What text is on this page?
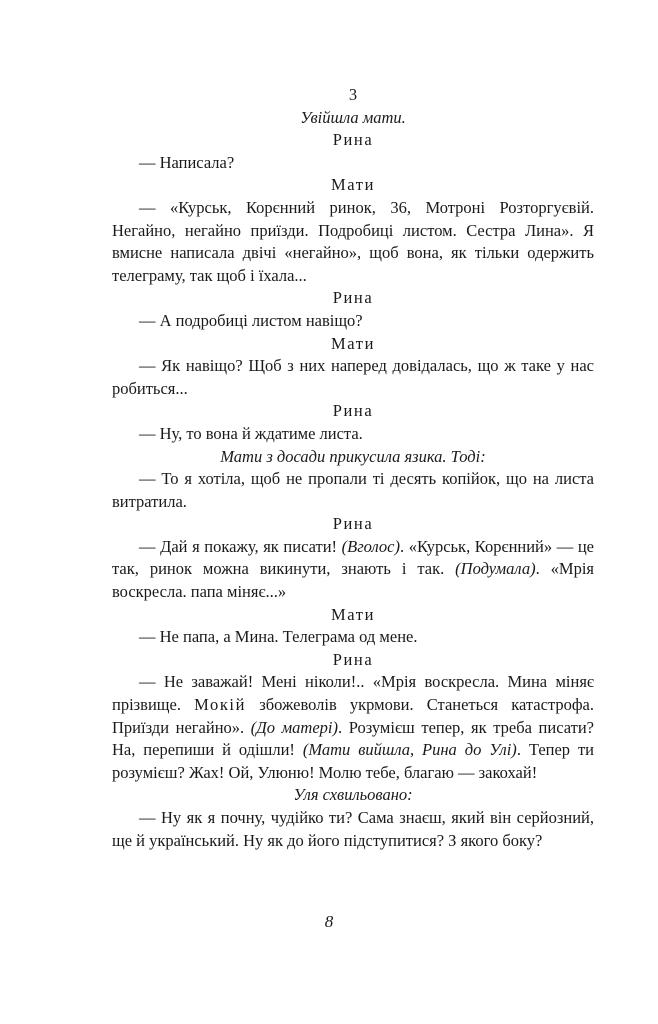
3

Увійшла мати.

Рина

— Написала?

Мати

— «Курськ, Корєнний ринок, 36, Мотроні Розторгуєвій. Негайно, негайно приїзди. Подробиці листом. Сестра Лина». Я вмисне написала двічі «негайно», щоб вона, як тільки одержить телеграму, так щоб і їхала...

Рина

— А подробиці листом навіщо?

Мати

— Як навіщо? Щоб з них наперед довідалась, що ж таке у нас робиться...

Рина

— Ну, то вона й ждатиме листа.

Мати з досади прикусила язика. Тоді:

— То я хотіла, щоб не пропали ті десять копійок, що на листа витратила.

Рина

— Дай я покажу, як писати! (Вголос). «Курськ, Корєнний» — це так, ринок можна викинути, знають і так. (Подумала). «Мрія воскресла. папа міняє...»

Мати

— Не папа, а Мина. Телеграма од мене.

Рина

— Не заважай! Мені ніколи!.. «Мрія воскресла. Мина міняє прізвище. Мокій збожеволів укрмови. Станеться катастрофа. Приїзди негайно». (До матері). Розумієш тепер, як треба писати? На, перепиши й одішли! (Мати вийшла, Рина до Улі). Тепер ти розумієш? Жах! Ой, Улюню! Молю тебе, благаю — закохай!

Уля схвильовано:

— Ну як я почну, чудійко ти? Сама знаєш, який він серйозний, ще й український. Ну як до його підступитися? З якого боку?

8
